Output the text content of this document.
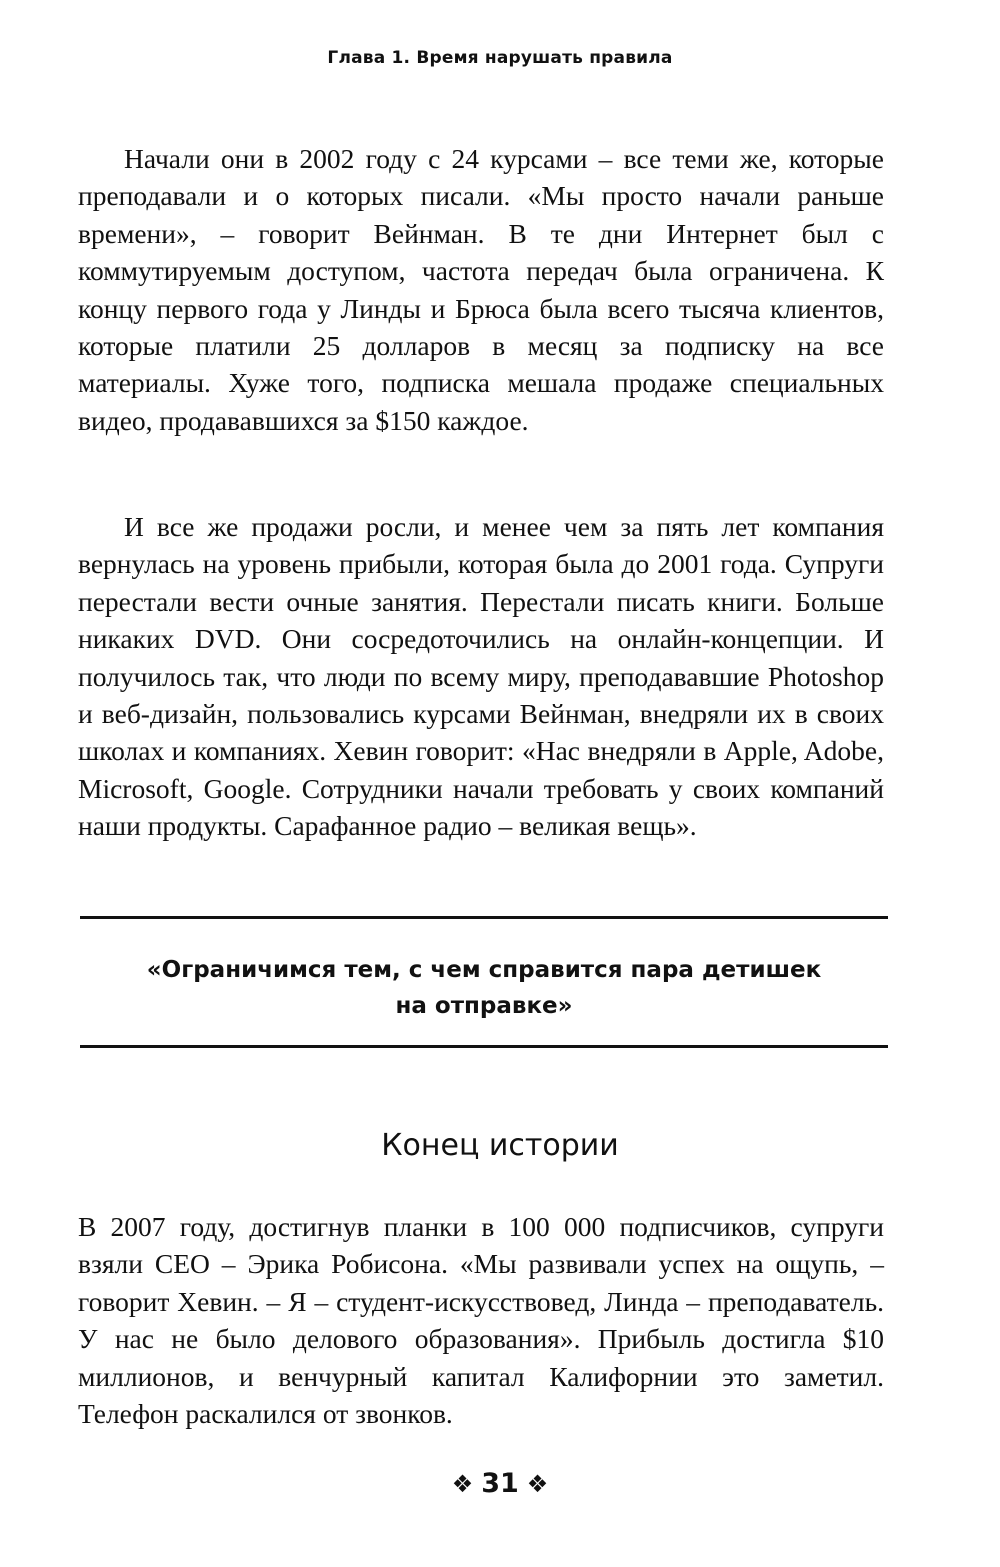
Глава 1. Время нарушать правила

Начали они в 2002 году с 24 курсами – все теми же, которые преподавали и о которых писали. «Мы просто начали раньше времени», – говорит Вейнман. В те дни Интернет был с коммутируемым доступом, частота передач была ограничена. К концу первого года у Линды и Брюса была всего тысяча клиентов, которые платили 25 долларов в месяц за подписку на все материалы. Хуже того, подписка мешала продаже специальных видео, продававшихся за $150 каждое.

И все же продажи росли, и менее чем за пять лет компания вернулась на уровень прибыли, которая была до 2001 года. Супруги перестали вести очные занятия. Перестали писать книги. Больше никаких DVD. Они сосредоточились на онлайн-концепции. И получилось так, что люди по всему миру, преподававшие Photoshop и веб-дизайн, пользовались курсами Вейнман, внедряли их в своих школах и компаниях. Хевин говорит: «Нас внедряли в Apple, Adobe, Microsoft, Google. Сотрудники начали требовать у своих компаний наши продукты. Сарафанное радио – великая вещь».

«Ограничимся тем, с чем справится пара детишек
на отправке»

Конец истории

В 2007 году, достигнув планки в 100 000 подписчиков, супруги взяли CEO – Эрика Робисона. «Мы развивали успех на ощупь, – говорит Хевин. – Я – студент-искусствовед, Линда – преподаватель. У нас не было делового образования». Прибыль достигла $10 миллионов, и венчурный капитал Калифорнии это заметил. Телефон раскалился от звонков.

❖ 31 ❖
